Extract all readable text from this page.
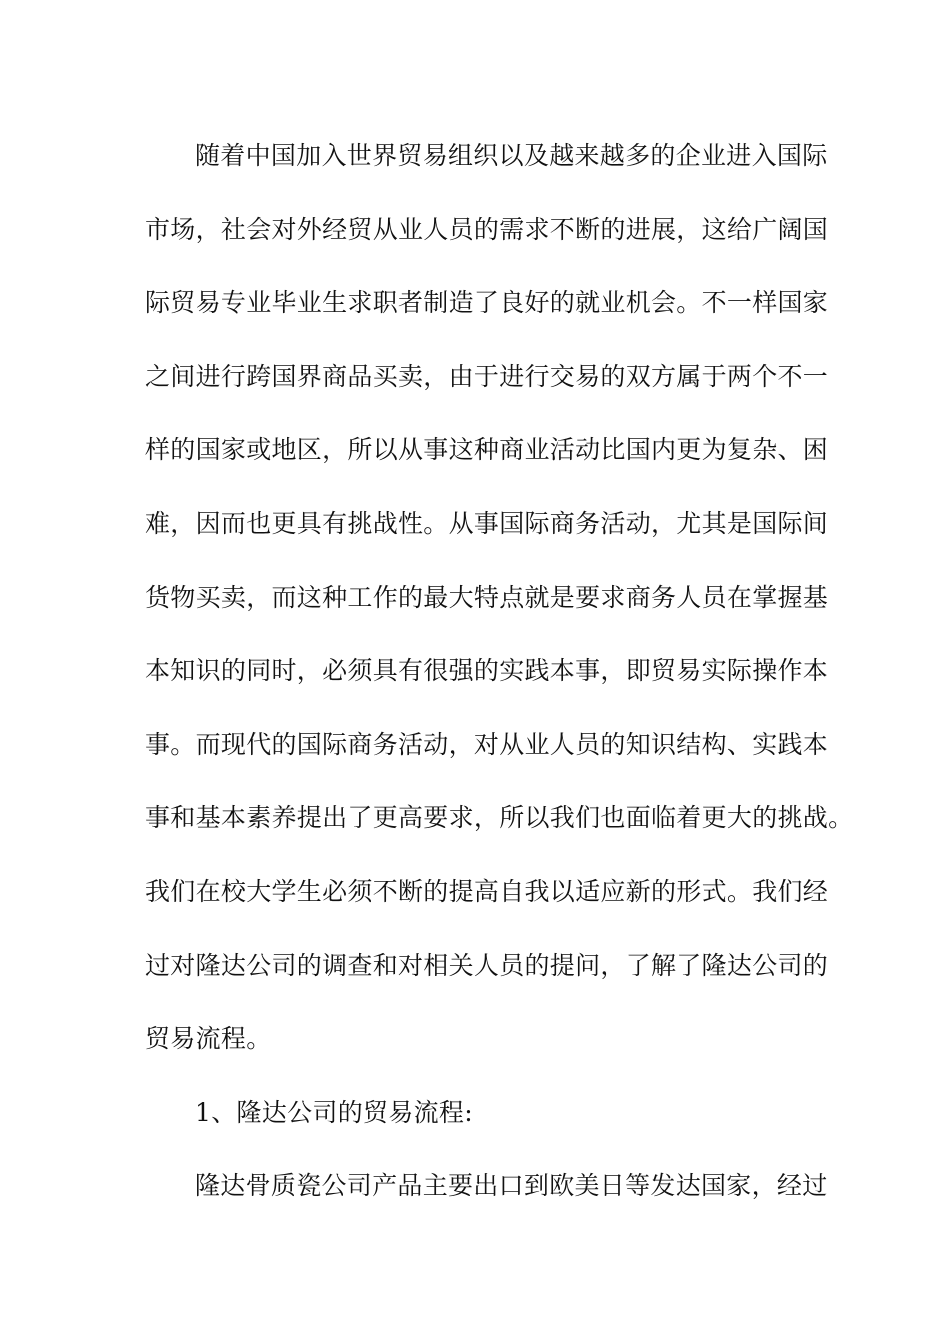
随着中国加入世界贸易组织以及越来越多的企业进入国际
市场，社会对外经贸从业人员的需求不断的进展，这给广阔国
际贸易专业毕业生求职者制造了良好的就业机会。不一样国家
之间进行跨国界商品买卖，由于进行交易的双方属于两个不一
样的国家或地区，所以从事这种商业活动比国内更为复杂、困
难，因而也更具有挑战性。从事国际商务活动，尤其是国际间
货物买卖，而这种工作的最大特点就是要求商务人员在掌握基
本知识的同时，必须具有很强的实践本事，即贸易实际操作本
事。而现代的国际商务活动，对从业人员的知识结构、实践本
事和基本素养提出了更高要求，所以我们也面临着更大的挑战。
我们在校大学生必须不断的提高自我以适应新的形式。我们经
过对隆达公司的调查和对相关人员的提问，了解了隆达公司的
贸易流程。
1、隆达公司的贸易流程:
隆达骨质瓷公司产品主要出口到欧美日等发达国家，经过
